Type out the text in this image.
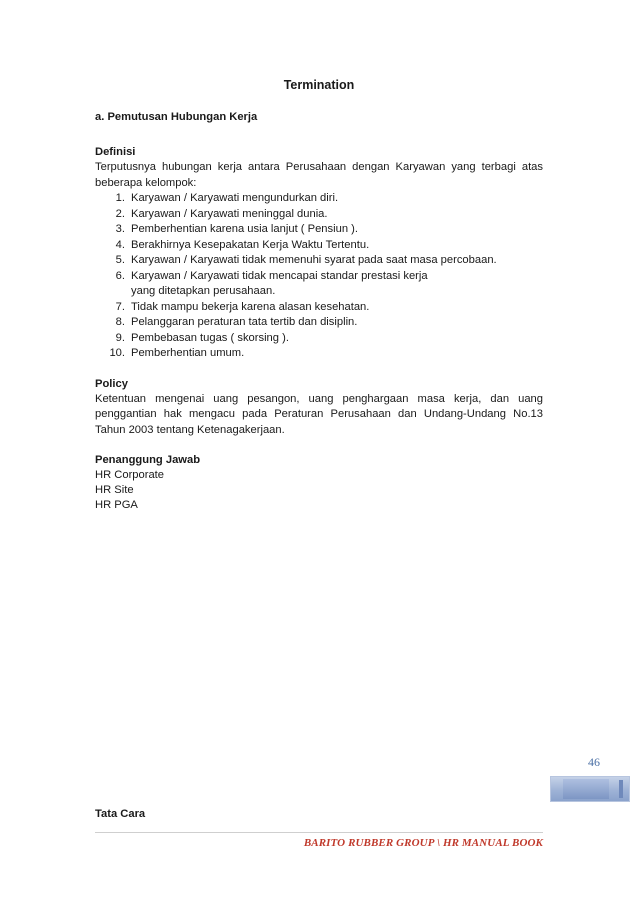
Termination

a. Pemutusan Hubungan Kerja

Definisi

Terputusnya hubungan kerja antara Perusahaan dengan Karyawan yang terbagi atas beberapa kelompok:

1. Karyawan / Karyawati mengundurkan diri.
2. Karyawan / Karyawati meninggal dunia.
3. Pemberhentian karena usia lanjut ( Pensiun ).
4. Berakhirnya Kesepakatan Kerja Waktu Tertentu.
5. Karyawan / Karyawati tidak memenuhi syarat pada saat masa percobaan.
6. Karyawan / Karyawati tidak mencapai standar prestasi kerja yang ditetapkan perusahaan.
7. Tidak mampu bekerja karena alasan kesehatan.
8. Pelanggaran peraturan tata tertib dan disiplin.
9. Pembebasan tugas ( skorsing ).
10. Pemberhentian umum.

Policy

Ketentuan mengenai uang pesangon, uang penghargaan masa kerja, dan uang penggantian hak mengacu pada Peraturan Perusahaan dan Undang-Undang No.13 Tahun 2003 tentang Ketenagakerjaan.

Penanggung Jawab

HR Corporate

HR Site

HR PGA

46
Tata Cara
BARITO RUBBER GROUP \ HR MANUAL BOOK
